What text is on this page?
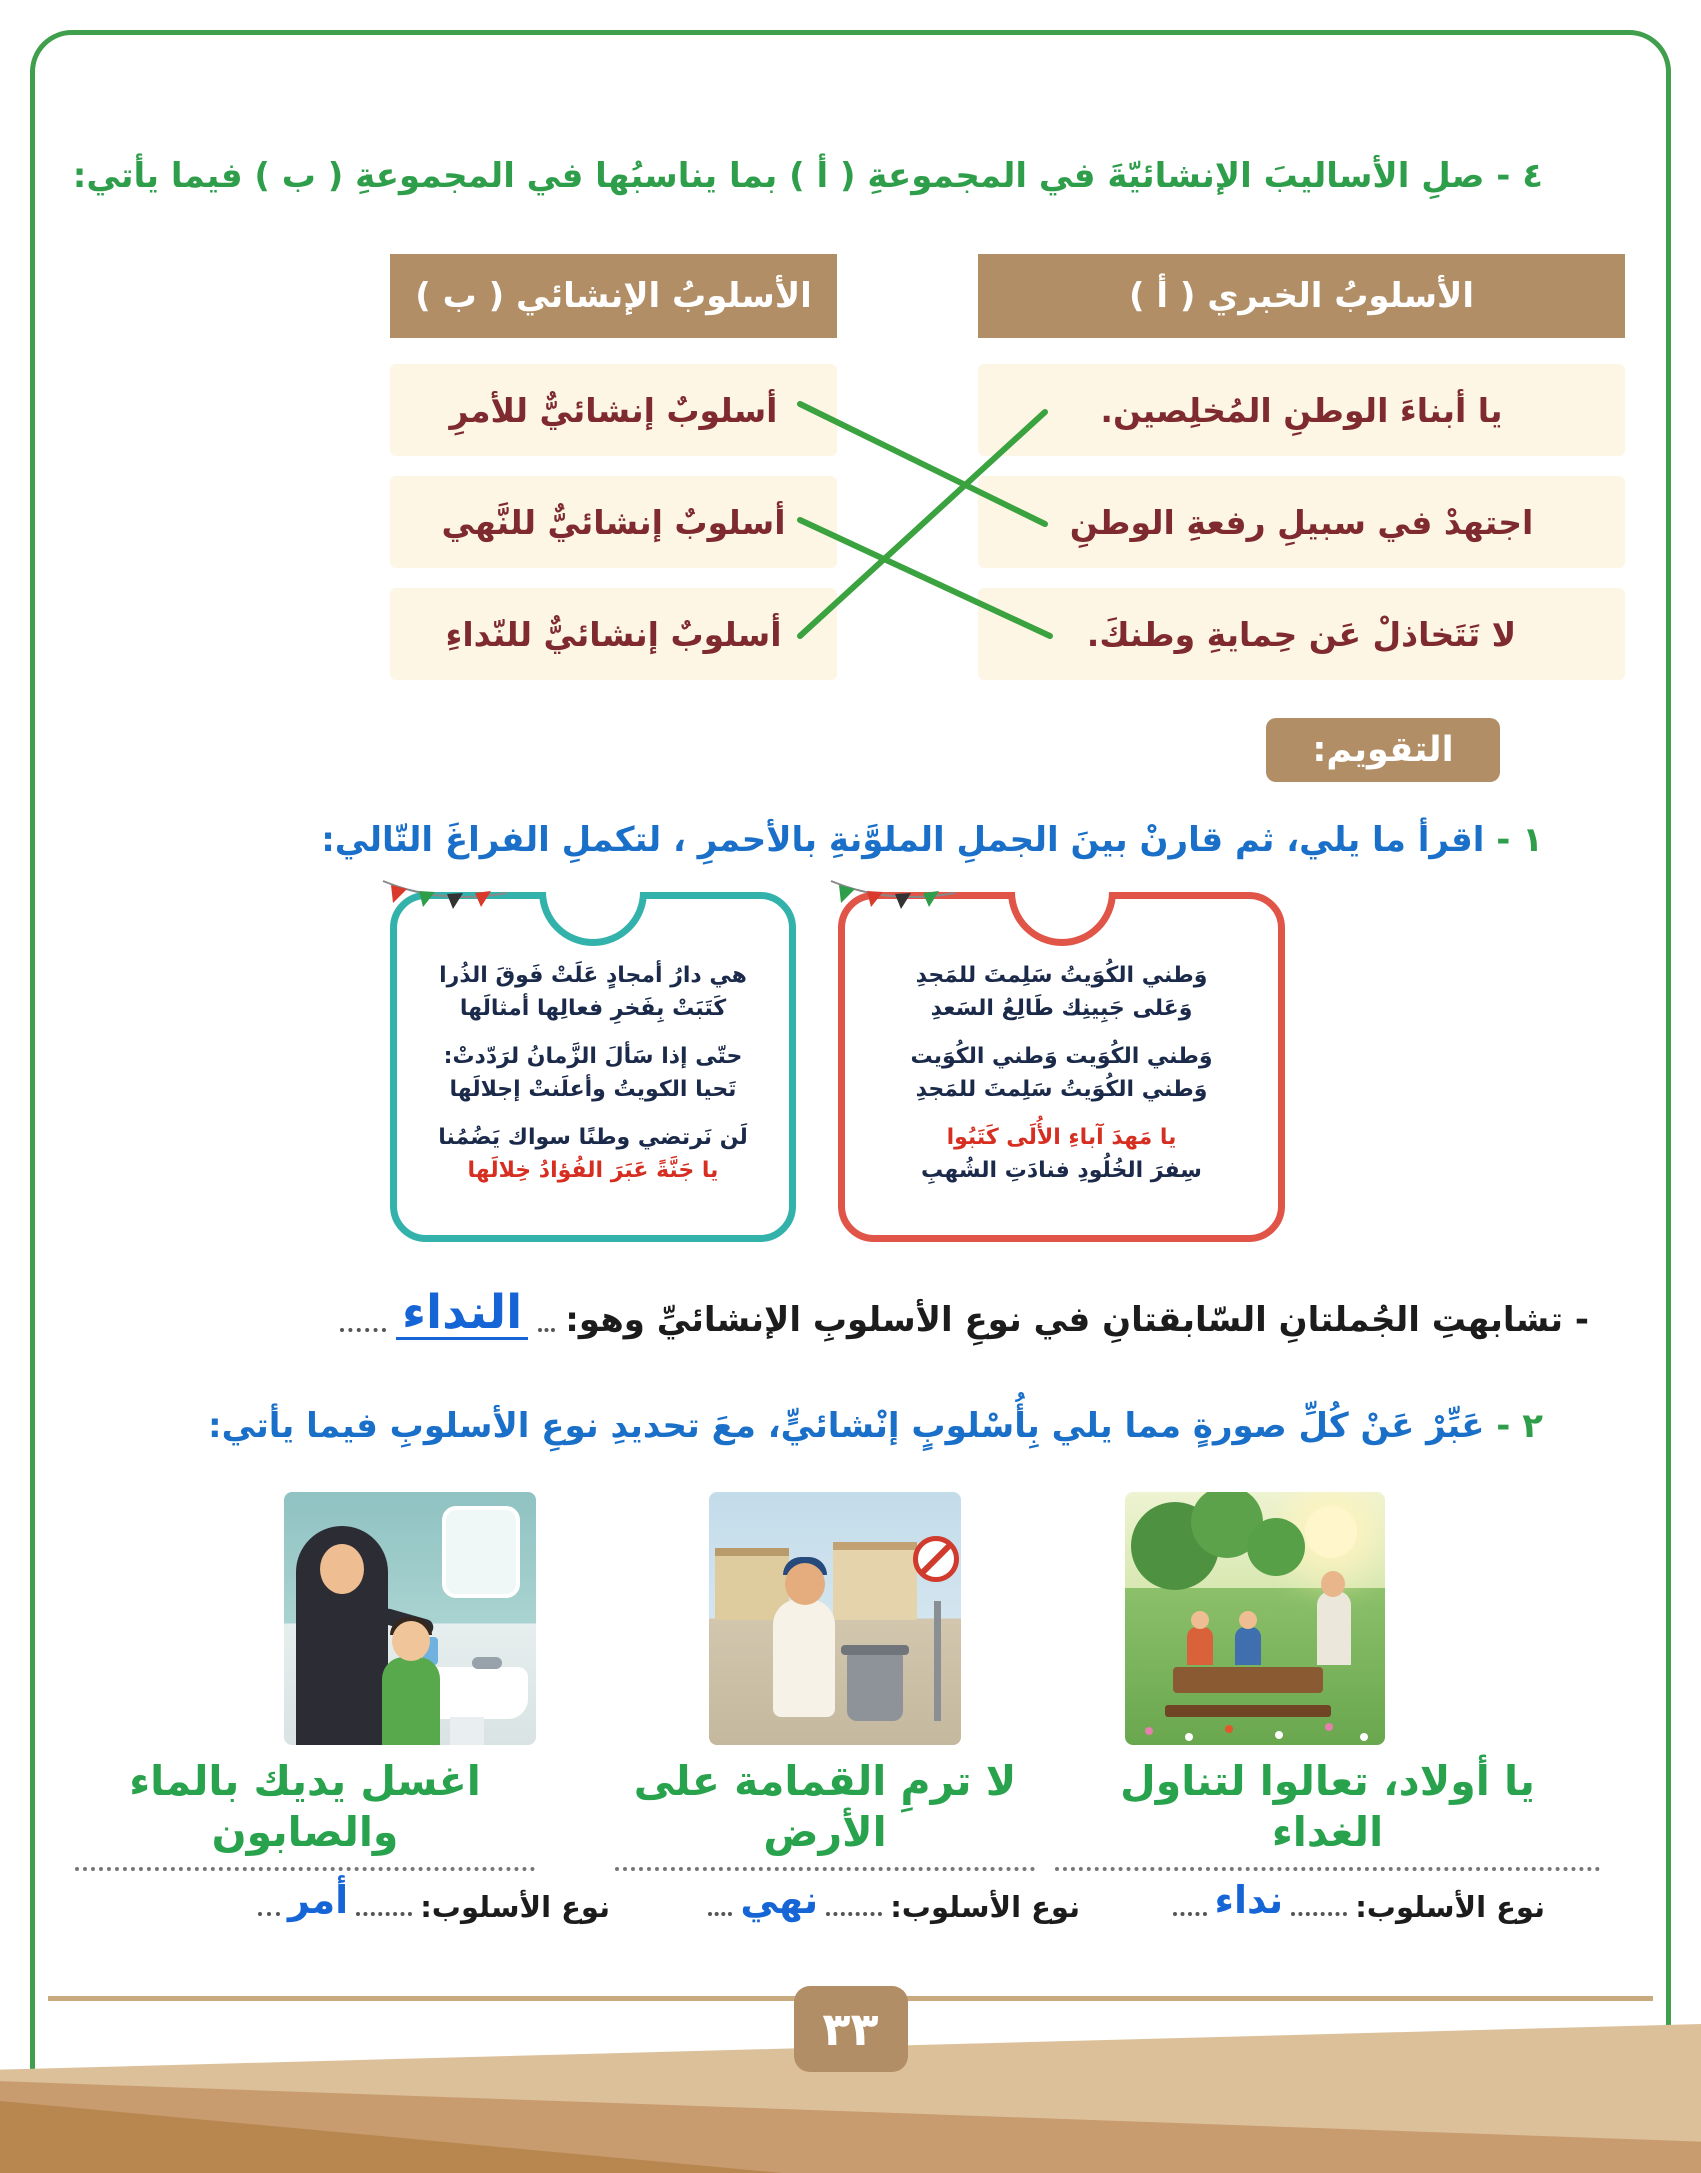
٤ - صلِ الأساليبَ الإنشائيّةَ في المجموعةِ ( أ ) بما يناسبُها في المجموعةِ ( ب ) فيما يأتي:
الأسلوبُ الخبري ( أ )
الأسلوبُ الإنشائي ( ب )
يا أبناءَ الوطنِ المُخلِصين.
اجتهدْ في سبيلِ رفعةِ الوطنِ
لا تَتَخاذلْ عَن حِمايةِ وطنكَ.
أسلوبٌ إنشائيٌّ للأمرِ
أسلوبٌ إنشائيٌّ للنَّهي
أسلوبٌ إنشائيٌّ للنّداءِ
التقويم:
١ - اقرأ ما يلي، ثم قارنْ بينَ الجملِ الملوَّنةِ بالأحمرِ ، لتكملِ الفراغَ التّالي:
وَطني الكُوَيتُ سَلِمتَ للمَجدِ
وَعَلى جَبِينِك طَالِعُ السَعدِ
وَطني الكُوَيت وَطني الكُوَيت
وَطني الكُوَيتُ سَلِمتَ للمَجدِ
يا مَهدَ آباءِ الأُلَى كَتَبُوا
سِفرَ الخُلُودِ فنادَتِ الشُهبِ
هي دارُ أمجادٍ عَلَتْ فَوقَ الذُرا
كَتَبَتْ بِفَخرِ فعالِها أمثالَها
حتّى إذا سَألَ الزَّمانُ لرَدّدتْ:
تَحيا الكويتُ وأعلَنتْ إجلالَها
لَن نَرتضي وطنًا سواك يَضُمُنا
يا جَنَّةً عَبَرَ الفُؤادُ خِلالَها
- تشابهتِ الجُملتانِ السّابقتانِ في نوعِ الأسلوبِ الإنشائيِّ وهو:
النداء
٢ - عَبِّرْ عَنْ كُلِّ صورةٍ مما يلي بِأُسْلوبٍ إنْشائيٍّ، معَ تحديدِ نوعِ الأسلوبِ فيما يأتي:
يا أولاد، تعالوا لتناول الغداء
لا ترمِ القمامة على الأرض
اغسل يديك بالماء والصابون
نوع الأسلوب:
نداء
نوع الأسلوب:
نهي
نوع الأسلوب:
أمر
٣٣
